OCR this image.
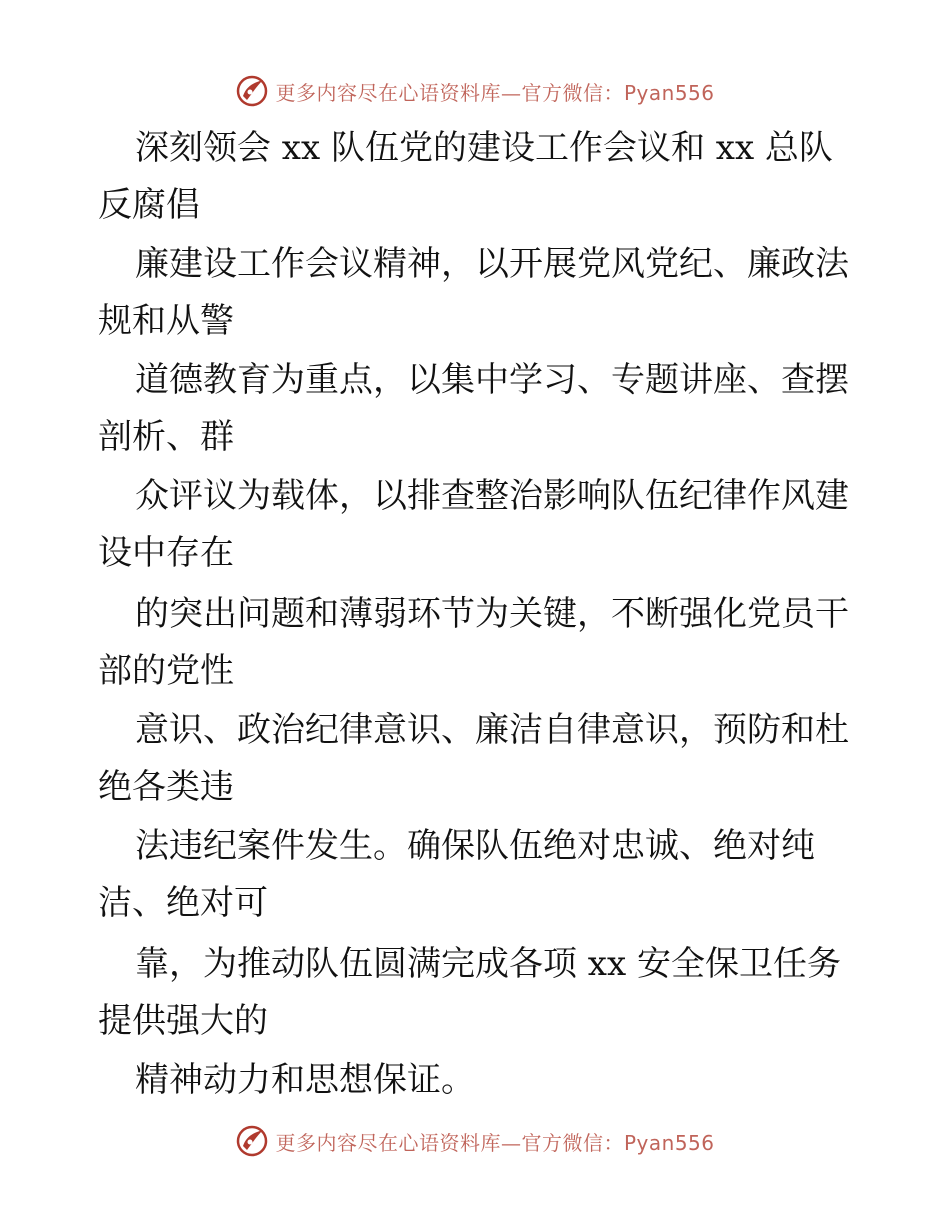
更多内容尽在心语资料库—官方微信：Pyan556
深刻领会 xx 队伍党的建设工作会议和 xx 总队
反腐倡
廉建设工作会议精神，以开展党风党纪、廉政法
规和从警
道德教育为重点，以集中学习、专题讲座、查摆
剖析、群
众评议为载体，以排查整治影响队伍纪律作风建
设中存在
的突出问题和薄弱环节为关键，不断强化党员干
部的党性
意识、政治纪律意识、廉洁自律意识，预防和杜
绝各类违
法违纪案件发生。确保队伍绝对忠诚、绝对纯
洁、绝对可
靠，为推动队伍圆满完成各项 xx 安全保卫任务
提供强大的
精神动力和思想保证。
更多内容尽在心语资料库—官方微信：Pyan556
